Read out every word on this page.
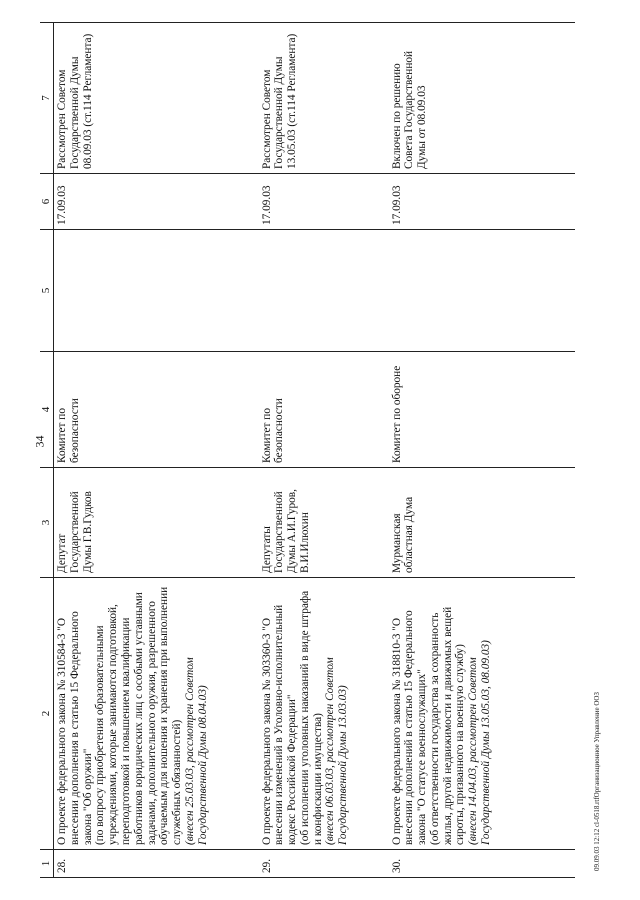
34
1	2	3	4	5	6	7
28.	О проекте федерального закона № 310584-3 "О внесении дополнения в статью 15 Федерального закона "Об оружии" (по вопросу приобретения образовательными учреждениями, которые занимаются подготовкой, переподготовкой и повышением квалификации работников юридических лиц с особыми уставными задачами, дополнительного оружия, разрешенного обучаемым для ношения и хранения при выполнении служебных обязанностей) (внесен 25.03.03, рассмотрен Советом Государственной Думы 08.04.03)	Депутат Государственной Думы Г.В.Гудков	Комитет по безопасности		17.09.03	Рассмотрен Советом Государственной Думы 08.09.03 (ст.114 Регламента)
29.	О проекте федерального закона № 303360-3 "О внесении изменений в Уголовно-исполнительный кодекс Российской Федерации" (об исполнении уголовных наказаний в виде штрафа и конфискации имущества) (внесен 06.03.03, рассмотрен Советом Государственной Думы 13.03.03)	Депутаты Государственной Думы А.И.Гуров, В.И.Илюхин	Комитет по безопасности		17.09.03	Рассмотрен Советом Государственной Думы 13.05.03 (ст.114 Регламента)
30.	О проекте федерального закона № 318810-3 "О внесении дополнений в статью 15 Федерального закона "О статусе военнослужащих" (об ответственности государства за сохранность жилья, другой недвижимости и движимых вещей сироты, призванного на военную службу) (внесен 14.04.03, рассмотрен Советом Государственной Думы 13.05.03, 08.09.03)	Мурманская областная Дума	Комитет по обороне		17.09.03	Включен по решению Совета Государственной Думы от 08.09.03
09.09.03 12:12 cl-0518.rtfОрганизационное Управление ООЗ
